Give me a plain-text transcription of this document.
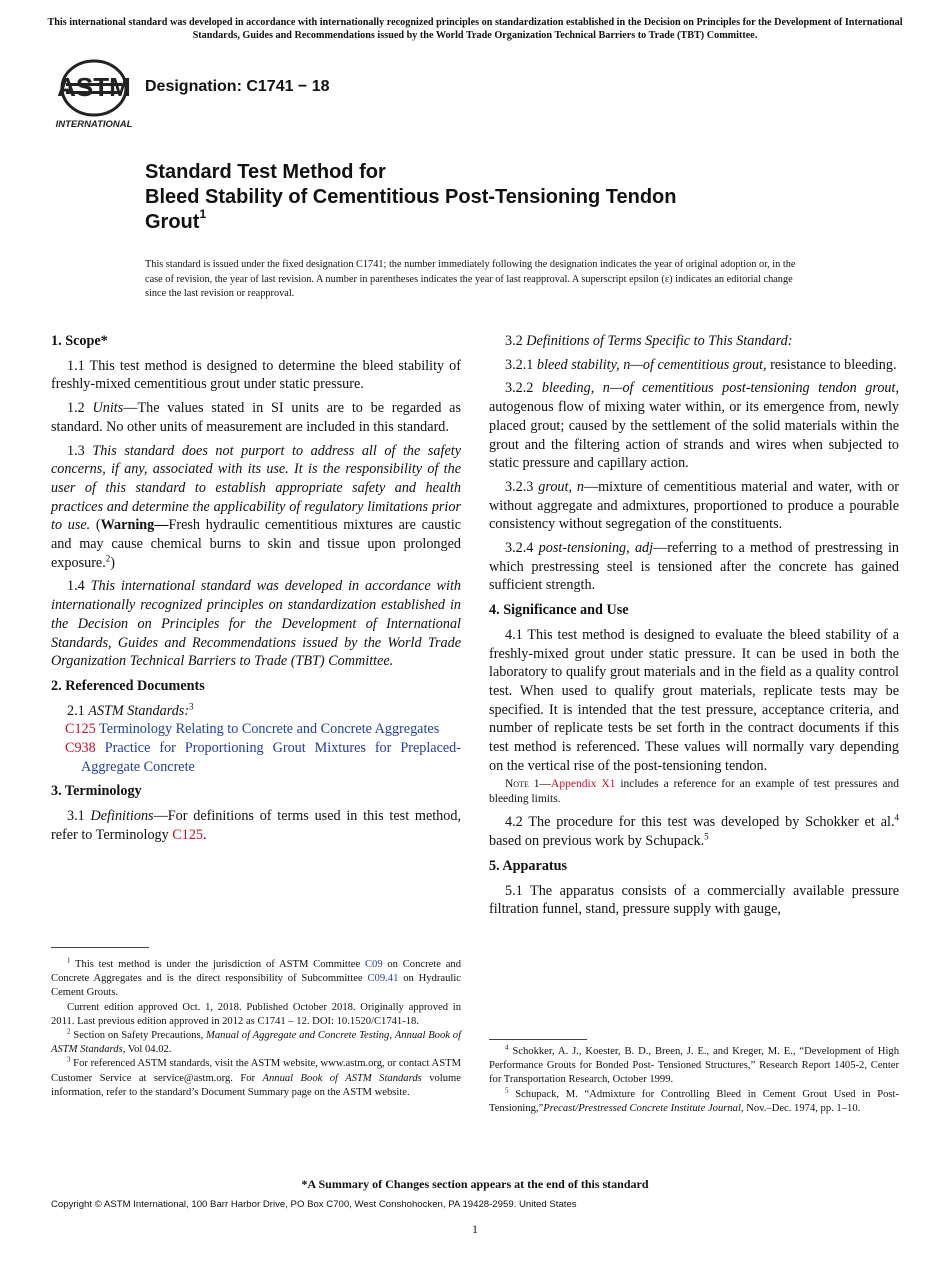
This international standard was developed in accordance with internationally recognized principles on standardization established in the Decision on Principles for the Development of International Standards, Guides and Recommendations issued by the World Trade Organization Technical Barriers to Trade (TBT) Committee.
ASTM
INTERNATIONAL
Designation: C1741 − 18
Standard Test Method for
Bleed Stability of Cementitious Post-Tensioning Tendon
Grout$^1$
This standard is issued under the fixed designation C1741; the number immediately following the designation indicates the year of original adoption or, in the case of revision, the year of last revision. A number in parentheses indicates the year of last reapproval. A superscript epsilon (ε) indicates an editorial change since the last revision or reapproval.
1. Scope*
1.1 This test method is designed to determine the bleed stability of freshly-mixed cementitious grout under static pressure.
1.2 Units—The values stated in SI units are to be regarded as standard. No other units of measurement are included in this standard.
1.3 This standard does not purport to address all of the safety concerns, if any, associated with its use. It is the responsibility of the user of this standard to establish appropriate safety and health practices and determine the applicability of regulatory limitations prior to use. (Warning—Fresh hydraulic cementitious mixtures are caustic and may cause chemical burns to skin and tissue upon prolonged exposure.$^2$)
1.4 This international standard was developed in accordance with internationally recognized principles on standardization established in the Decision on Principles for the Development of International Standards, Guides and Recommendations issued by the World Trade Organization Technical Barriers to Trade (TBT) Committee.
2. Referenced Documents
2.1 ASTM Standards:$^3$
C125 Terminology Relating to Concrete and Concrete Aggregates
C938 Practice for Proportioning Grout Mixtures for Preplaced-Aggregate Concrete
3. Terminology
3.1 Definitions—For definitions of terms used in this test method, refer to Terminology C125.
$^1$ This test method is under the jurisdiction of ASTM Committee C09 on Concrete and Concrete Aggregates and is the direct responsibility of Subcommittee C09.41 on Hydraulic Cement Grouts.
Current edition approved Oct. 1, 2018. Published October 2018. Originally approved in 2011. Last previous edition approved in 2012 as C1741 – 12. DOI: 10.1520/C1741-18.
$^2$ Section on Safety Precautions, Manual of Aggregate and Concrete Testing, Annual Book of ASTM Standards, Vol 04.02.
$^3$ For referenced ASTM standards, visit the ASTM website, www.astm.org, or contact ASTM Customer Service at service@astm.org. For Annual Book of ASTM Standards volume information, refer to the standard’s Document Summary page on the ASTM website.
3.2 Definitions of Terms Specific to This Standard:
3.2.1 bleed stability, n—of cementitious grout, resistance to bleeding.
3.2.2 bleeding, n—of cementitious post-tensioning tendon grout, autogenous flow of mixing water within, or its emergence from, newly placed grout; caused by the settlement of the solid materials within the grout and the filtering action of strands and wires when subjected to static pressure and capillary action.
3.2.3 grout, n—mixture of cementitious material and water, with or without aggregate and admixtures, proportioned to produce a pourable consistency without segregation of the constituents.
3.2.4 post-tensioning, adj—referring to a method of prestressing in which prestressing steel is tensioned after the concrete has gained sufficient strength.
4. Significance and Use
4.1 This test method is designed to evaluate the bleed stability of a freshly-mixed grout under static pressure. It can be used in both the laboratory to qualify grout materials and in the field as a quality control test. When used to qualify grout materials, replicate tests may be specified. It is intended that the test pressure, acceptance criteria, and number of replicate tests be set forth in the contract documents if this test method is referenced. These values will normally vary depending on the vertical rise of the post-tensioning tendon.
Note 1—Appendix X1 includes a reference for an example of test pressures and bleeding limits.
4.2 The procedure for this test was developed by Schokker et al.$^4$ based on previous work by Schupack.$^5$
5. Apparatus
5.1 The apparatus consists of a commercially available pressure filtration funnel, stand, pressure supply with gauge,
$^4$ Schokker, A. J., Koester, B. D., Breen, J. E., and Kreger, M. E., “Development of High Performance Grouts for Bonded Post- Tensioned Structures,” Research Report 1405-2, Center for Transportation Research, October 1999.
$^5$ Schupack, M. “Admixture for Controlling Bleed in Cement Grout Used in Post-Tensioning,”Precast/Prestressed Concrete Institute Journal, Nov.–Dec. 1974, pp. 1–10.
*A Summary of Changes section appears at the end of this standard
Copyright © ASTM International, 100 Barr Harbor Drive, PO Box C700, West Conshohocken, PA 19428-2959. United States
1
